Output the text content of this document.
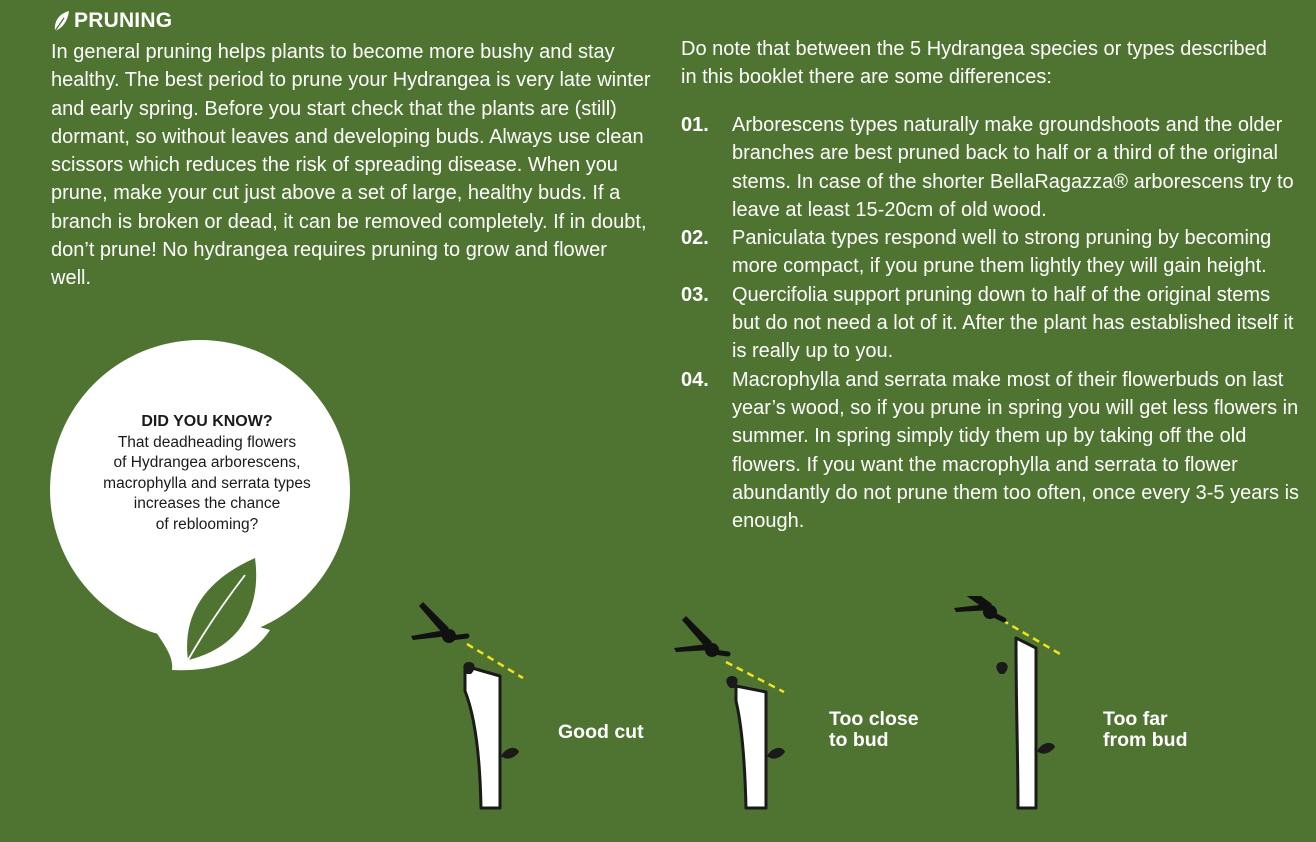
PRUNING

In general pruning helps plants to become more bushy and stay healthy. The best period to prune your Hydrangea is very late winter and early spring. Before you start check that the plants are (still) dormant, so without leaves and developing buds. Always use clean scissors which reduces the risk of spreading disease. When you prune, make your cut just above a set of large, healthy buds. If a branch is broken or dead, it can be removed completely. If in doubt, don’t prune! No hydrangea requires pruning to grow and flower well.

Do note that between the 5 Hydrangea species or types described in this booklet there are some differences:

01.	Arborescens types naturally make groundshoots and the older branches are best pruned back to half or a third of the original stems. In case of the shorter BellaRagazza® arborescens try to leave at least 15-20cm of old wood.
02.	Paniculata types respond well to strong pruning by becoming more compact, if you prune them lightly they will gain height.
03.	Quercifolia support pruning down to half of the original stems but do not need a lot of it. After the plant has established itself it is really up to you.
04.	Macrophylla and serrata make most of their flowerbuds on last year’s wood, so if you prune in spring you will get less flowers in summer. In spring simply tidy them up by taking off the old flowers. If you want the macrophylla and serrata to flower abundantly do not prune them too often, once every 3-5 years is enough.
DID YOU KNOW?
That deadheading flowers
of Hydrangea arborescens,
macrophylla and serrata types
increases the chance
of reblooming?
Good cut
Too close
to bud
Too far
from bud
